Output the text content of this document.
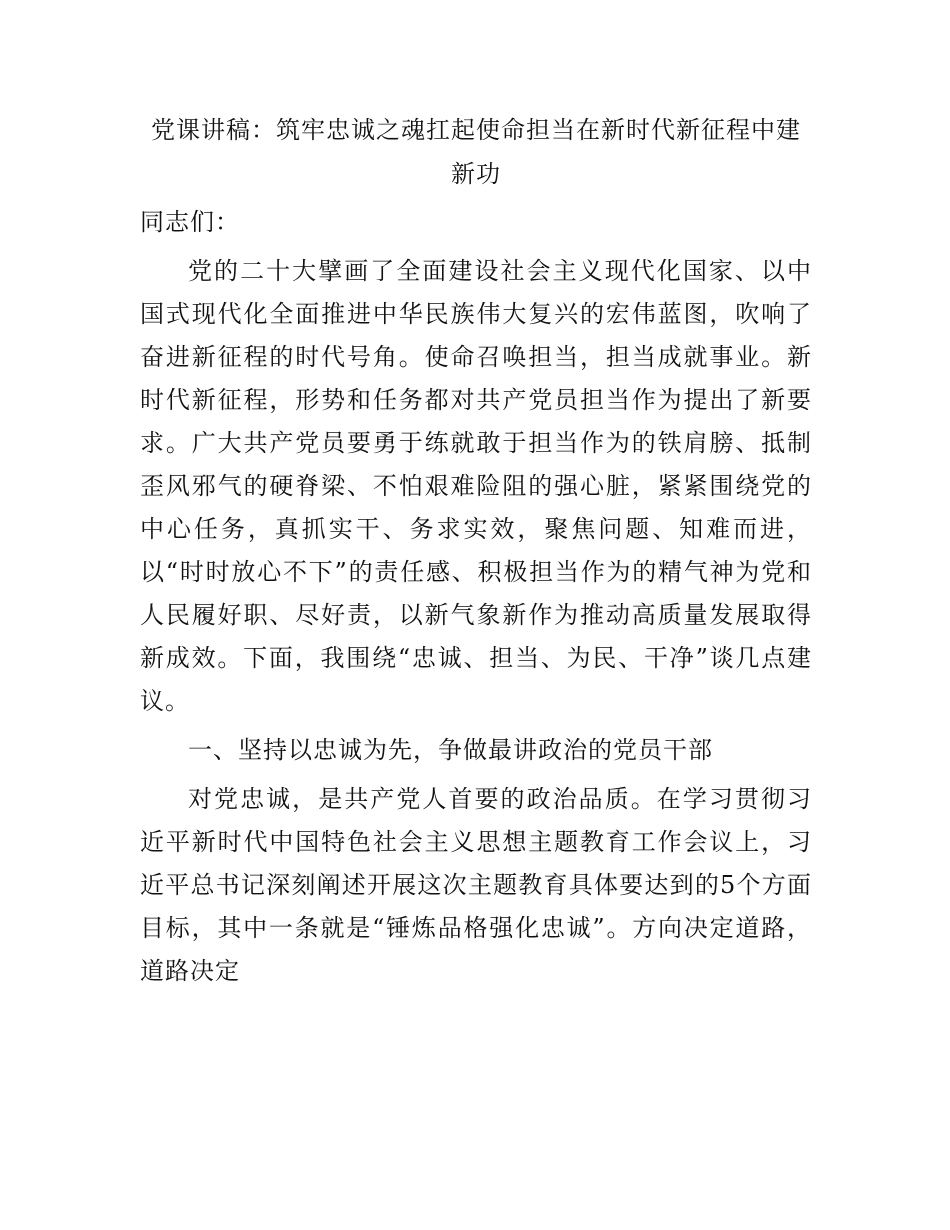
党课讲稿：筑牢忠诚之魂扛起使命担当在新时代新征程中建新功

同志们：

党的二十大擘画了全面建设社会主义现代化国家、以中国式现代化全面推进中华民族伟大复兴的宏伟蓝图，吹响了奋进新征程的时代号角。使命召唤担当，担当成就事业。新时代新征程，形势和任务都对共产党员担当作为提出了新要求。广大共产党员要勇于练就敢于担当作为的铁肩膀、抵制歪风邪气的硬脊梁、不怕艰难险阻的强心脏，紧紧围绕党的中心任务，真抓实干、务求实效，聚焦问题、知难而进，以“时时放心不下”的责任感、积极担当作为的精气神为党和人民履好职、尽好责，以新气象新作为推动高质量发展取得新成效。下面，我围绕“忠诚、担当、为民、干净”谈几点建议。

一、坚持以忠诚为先，争做最讲政治的党员干部

对党忠诚，是共产党人首要的政治品质。在学习贯彻习近平新时代中国特色社会主义思想主题教育工作会议上，习近平总书记深刻阐述开展这次主题教育具体要达到的5个方面目标，其中一条就是“锤炼品格强化忠诚”。方向决定道路，道路决定
